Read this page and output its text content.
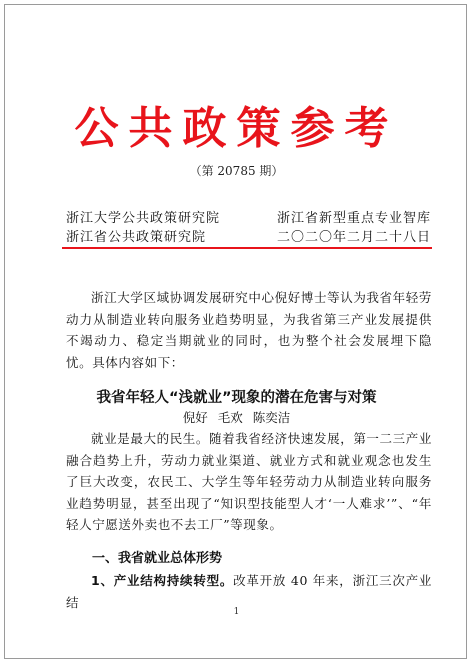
公共政策参考
（第 20785 期）
浙江大学公共政策研究院	浙江省新型重点专业智库
浙江省公共政策研究院	二〇二〇年二月二十八日

浙江大学区域协调发展研究中心倪好博士等认为我省年轻劳动力从制造业转向服务业趋势明显，为我省第三产业发展提供不竭动力、稳定当期就业的同时，也为整个社会发展埋下隐忧。具体内容如下：

我省年轻人“浅就业”现象的潜在危害与对策
倪好 毛欢 陈奕洁

就业是最大的民生。随着我省经济快速发展，第一二三产业融合趋势上升，劳动力就业渠道、就业方式和就业观念也发生了巨大改变，农民工、大学生等年轻劳动力从制造业转向服务业趋势明显，甚至出现了“知识型技能型人才‘一人难求’”、“年轻人宁愿送外卖也不去工厂”等现象。

一、我省就业总体形势

1、产业结构持续转型。改革开放 40 年来，浙江三次产业结

1
